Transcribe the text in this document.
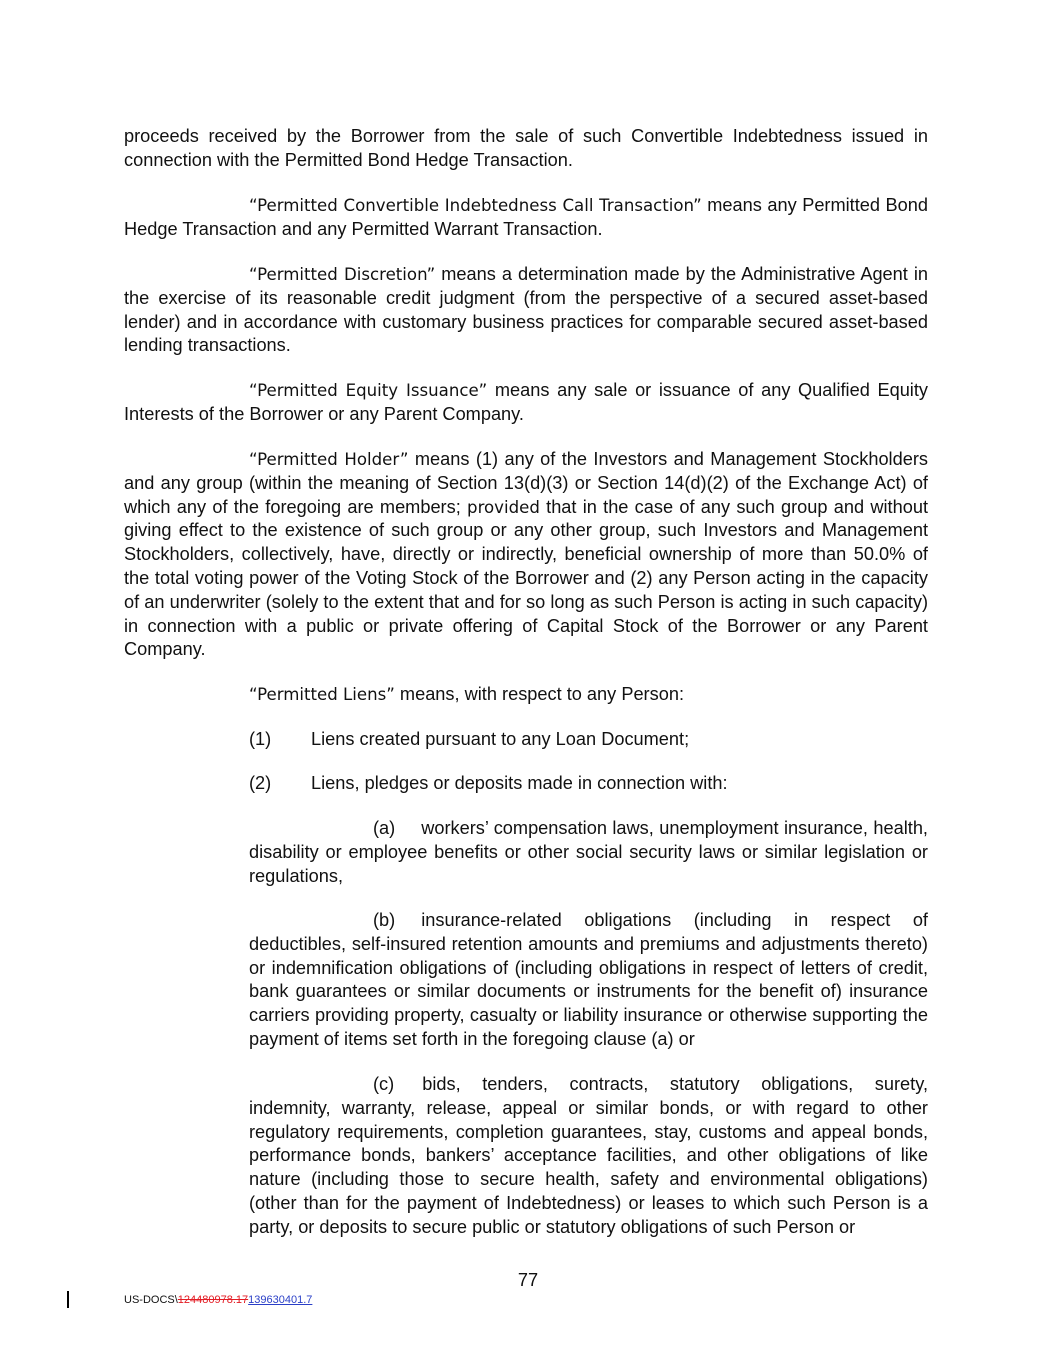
proceeds received by the Borrower from the sale of such Convertible Indebtedness issued in connection with the Permitted Bond Hedge Transaction.
“Permitted Convertible Indebtedness Call Transaction” means any Permitted Bond Hedge Transaction and any Permitted Warrant Transaction.
“Permitted Discretion” means a determination made by the Administrative Agent in the exercise of its reasonable credit judgment (from the perspective of a secured asset-based lender) and in accordance with customary business practices for comparable secured asset-based lending transactions.
“Permitted Equity Issuance” means any sale or issuance of any Qualified Equity Interests of the Borrower or any Parent Company.
“Permitted Holder” means (1) any of the Investors and Management Stockholders and any group (within the meaning of Section 13(d)(3) or Section 14(d)(2) of the Exchange Act) of which any of the foregoing are members; provided that in the case of any such group and without giving effect to the existence of such group or any other group, such Investors and Management Stockholders, collectively, have, directly or indirectly, beneficial ownership of more than 50.0% of the total voting power of the Voting Stock of the Borrower and (2) any Person acting in the capacity of an underwriter (solely to the extent that and for so long as such Person is acting in such capacity) in connection with a public or private offering of Capital Stock of the Borrower or any Parent Company.
“Permitted Liens” means, with respect to any Person:
(1) Liens created pursuant to any Loan Document;
(2) Liens, pledges or deposits made in connection with:
(a) workers’ compensation laws, unemployment insurance, health, disability or employee benefits or other social security laws or similar legislation or regulations,
(b) insurance-related obligations (including in respect of deductibles, self-insured retention amounts and premiums and adjustments thereto) or indemnification obligations of (including obligations in respect of letters of credit, bank guarantees or similar documents or instruments for the benefit of) insurance carriers providing property, casualty or liability insurance or otherwise supporting the payment of items set forth in the foregoing clause (a) or
(c) bids, tenders, contracts, statutory obligations, surety, indemnity, warranty, release, appeal or similar bonds, or with regard to other regulatory requirements, completion guarantees, stay, customs and appeal bonds, performance bonds, bankers’ acceptance facilities, and other obligations of like nature (including those to secure health, safety and environmental obligations) (other than for the payment of Indebtedness) or leases to which such Person is a party, or deposits to secure public or statutory obligations of such Person or
77
US-DOCS\124480978.17139630401.7
